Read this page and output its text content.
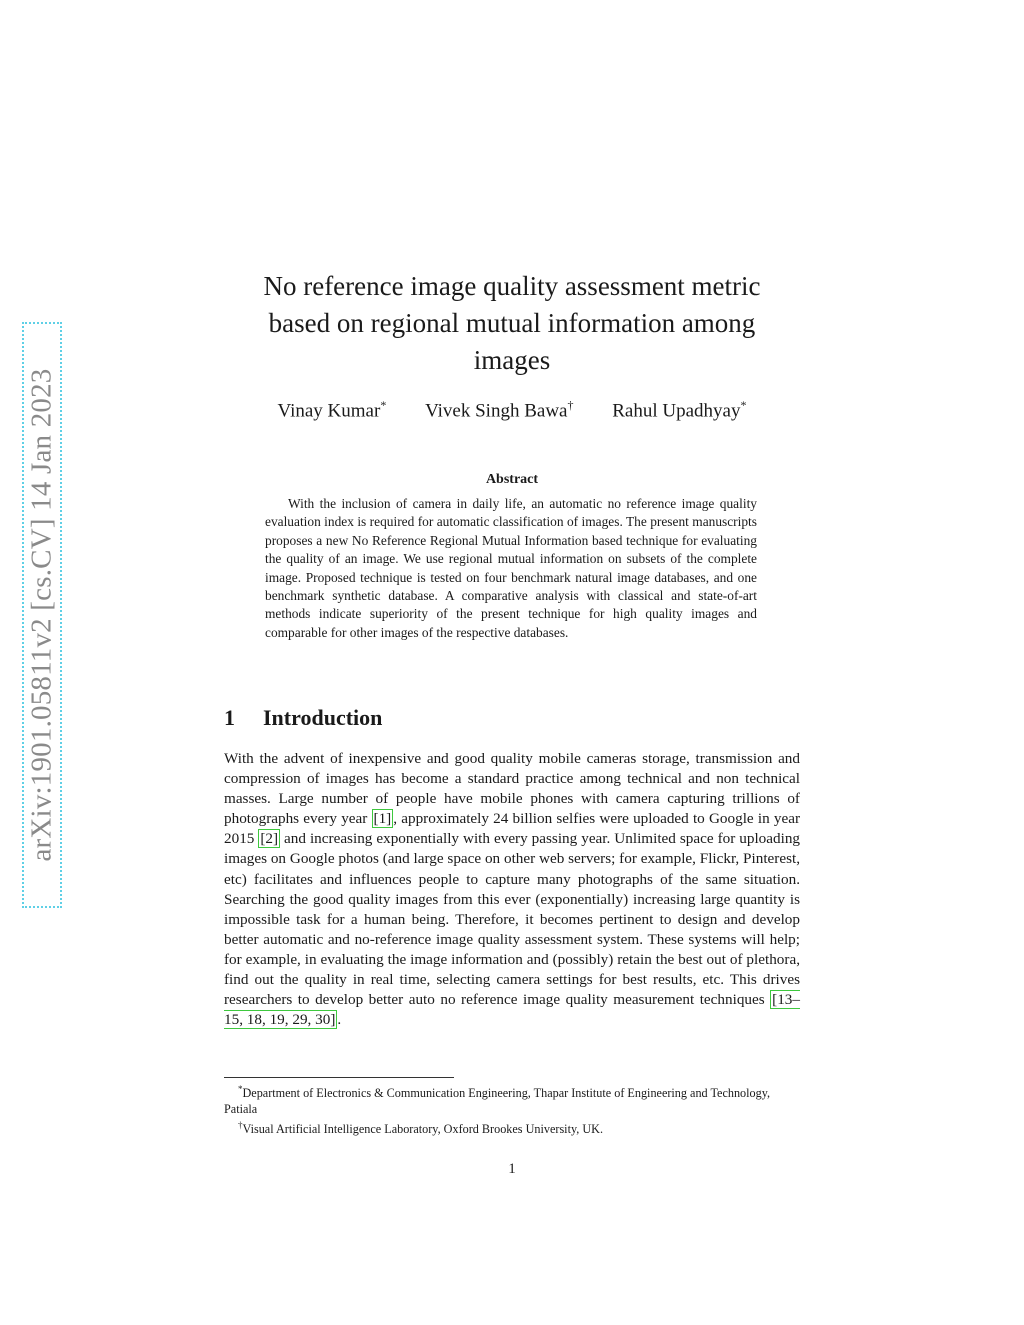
arXiv:1901.05811v2 [cs.CV] 14 Jan 2023
No reference image quality assessment metric
based on regional mutual information among
images
Vinay Kumar* Vivek Singh Bawa† Rahul Upadhyay*
Abstract

With the inclusion of camera in daily life, an automatic no reference image quality evaluation index is required for automatic classification of images. The present manuscripts proposes a new No Reference Regional Mutual Information based technique for evaluating the quality of an image. We use regional mutual information on subsets of the complete image. Proposed technique is tested on four benchmark natural image databases, and one benchmark synthetic database. A comparative analysis with classical and state-of-art methods indicate superiority of the present technique for high quality images and comparable for other images of the respective databases.

1 Introduction

With the advent of inexpensive and good quality mobile cameras storage, transmission and compression of images has become a standard practice among technical and non technical masses. Large number of people have mobile phones with camera capturing trillions of photographs every year [1] , approximately 24 billion selfies were uploaded to Google in year 2015 [2] and increasing exponentially with every passing year. Unlimited space for uploading images on Google photos (and large space on other web servers; for example, Flickr, Pinterest, etc) facilitates and influences people to capture many photographs of the same situation. Searching the good quality images from this ever (exponentially) increasing large quantity is impossible task for a human being. Therefore, it becomes pertinent to design and develop better automatic and no-reference image quality assessment system. These systems will help; for example, in evaluating the image information and (possibly) retain the best out of plethora, find out the quality in real time, selecting camera settings for best results, etc. This drives researchers to develop better auto no reference image quality measurement techniques [13–15, 18, 19, 29, 30] .

*Department of Electronics & Communication Engineering, Thapar Institute of Engineering and Technology, Patiala

†Visual Artificial Intelligence Laboratory, Oxford Brookes University, UK.

1
